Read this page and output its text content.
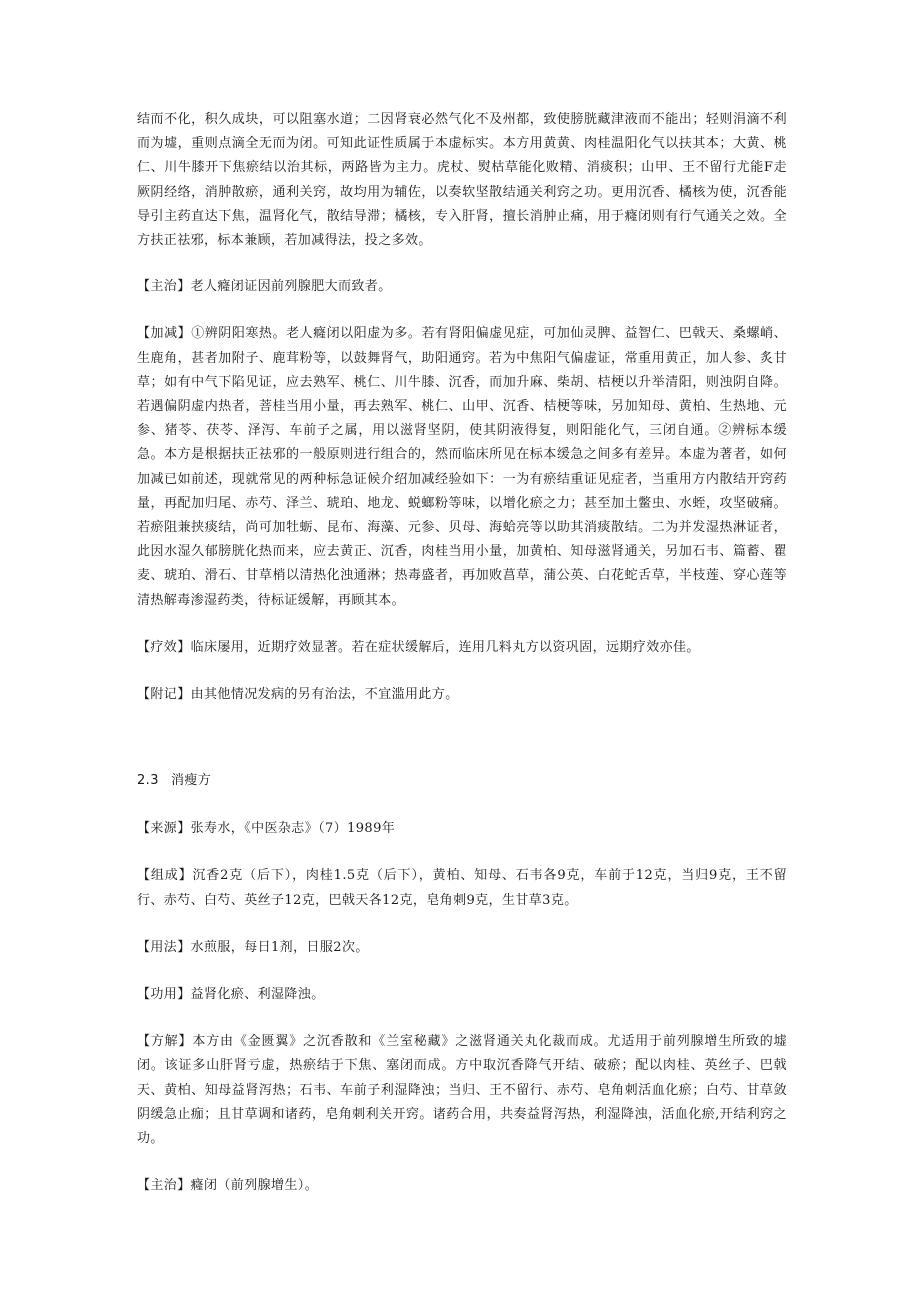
结而不化，积久成块，可以阻塞水道；二因肾衰必然气化不及州都，致使膀胱藏津液而不能出；轻则涓滴不利而为墟，重则点滴全无而为闭。可知此证性质属于本虚标实。本方用黄黄、肉桂温阳化气以扶其本；大黄、桃仁、川牛膝开下焦瘀结以治其标，两路皆为主力。虎杖、熨枯草能化败精、消痰积；山甲、王不留行尤能F走厥阴经络，消肿散瘀，通利关窍，故均用为辅佐，以奏软坚散结通关利窍之功。更用沉香、橘核为使，沉香能导引主药直达下焦，温肾化气，散结导滞；橘核，专入肝肾，擅长消肿止痛，用于癃闭则有行气通关之效。全方扶正祛邪，标本兼顾，若加减得法，投之多效。

【主治】老人癃闭证因前列腺肥大而致者。

【加减】①辨阴阳寒热。老人癃闭以阳虚为多。若有肾阳偏虚见症，可加仙灵脾、益智仁、巴戟天、桑螺峭、生鹿角，甚者加附子、鹿茸粉等，以鼓舞肾气，助阳通窍。若为中焦阳气偏虚证，常重用黄正，加人参、炙甘草；如有中气下陷见证，应去熟军、桃仁、川牛膝、沉香，而加升麻、柴胡、桔梗以升举清阳，则浊阴自降。若遇偏阴虚内热者，菩桂当用小量，再去熟军、桃仁、山甲、沉香、桔梗等味，另加知母、黄柏、生热地、元参、猪苓、茯苓、泽泻、车前子之属，用以滋肾坚阴，使其阴液得复，则阳能化气，三闭自通。②辨标本缓急。本方是根据扶正祛邪的一般原则进行组合的，然而临床所见在标本缓急之间多有差异。本虚为著者，如何加减已如前述，现就常见的两种标急证候介绍加减经验如下：一为有瘀结重证见症者，当重用方内散结开窍药量，再配加归尾、赤芍、泽兰、琥珀、地龙、蜕螂粉等味，以增化瘀之力；甚至加土鳖虫、水蛭，攻坚破痛。若瘀阻兼挟痰结，尚可加牡蛎、昆布、海藻、元参、贝母、海蛤亮等以助其消痰散结。二为并发湿热淋证者，此因水湿久郁膀胱化热而来，应去黄正、沉香，肉桂当用小量，加黄柏、知母滋肾通关，另加石韦、篇蓄、瞿麦、琥珀、滑石、甘草梢以清热化浊通淋；热毒盛者，再加败菖草，蒲公英、白花蛇舌草，半枝莲、穿心莲等清热解毒渗湿药类，待标证缓解，再顾其本。

【疗效】临床屡用，近期疗效显著。若在症状缓解后，连用几料丸方以资巩固，远期疗效亦佳。

【附记】由其他情况发病的另有治法，不宜滥用此方。

2.3 消瘦方

【来源】张寿水，《中医杂志》（7）1989年

【组成】沉香2克（后下），肉桂1.5克（后下），黄柏、知母、石韦各9克，车前于12克，当归9克，王不留行、赤芍、白芍、英丝子12克，巴戟天各12克，皂角刺9克，生甘草3克。

【用法】水煎服，每日1剂，日服2次。

【功用】益肾化瘀、利湿降浊。

【方解】本方由《金匮翼》之沉香散和《兰室秘藏》之滋肾通关丸化裁而成。尤适用于前列腺增生所致的墟闭。该证多山肝肾亏虚，热瘀结于下焦、塞闭而成。方中取沉香降气开结、破瘀；配以肉桂、英丝子、巴戟天、黄柏、知母益肾泻热；石韦、车前子利湿降浊；当归、王不留行、赤芍、皂角刺活血化瘀；白芍、甘草敛阴缓急止痂；且甘草调和诸药，皂角刺利关开窍。诸药合用，共奏益肾泻热，利湿降浊，活血化瘀,开结利窍之功。

【主治】癃闭（前列腺增生）。
